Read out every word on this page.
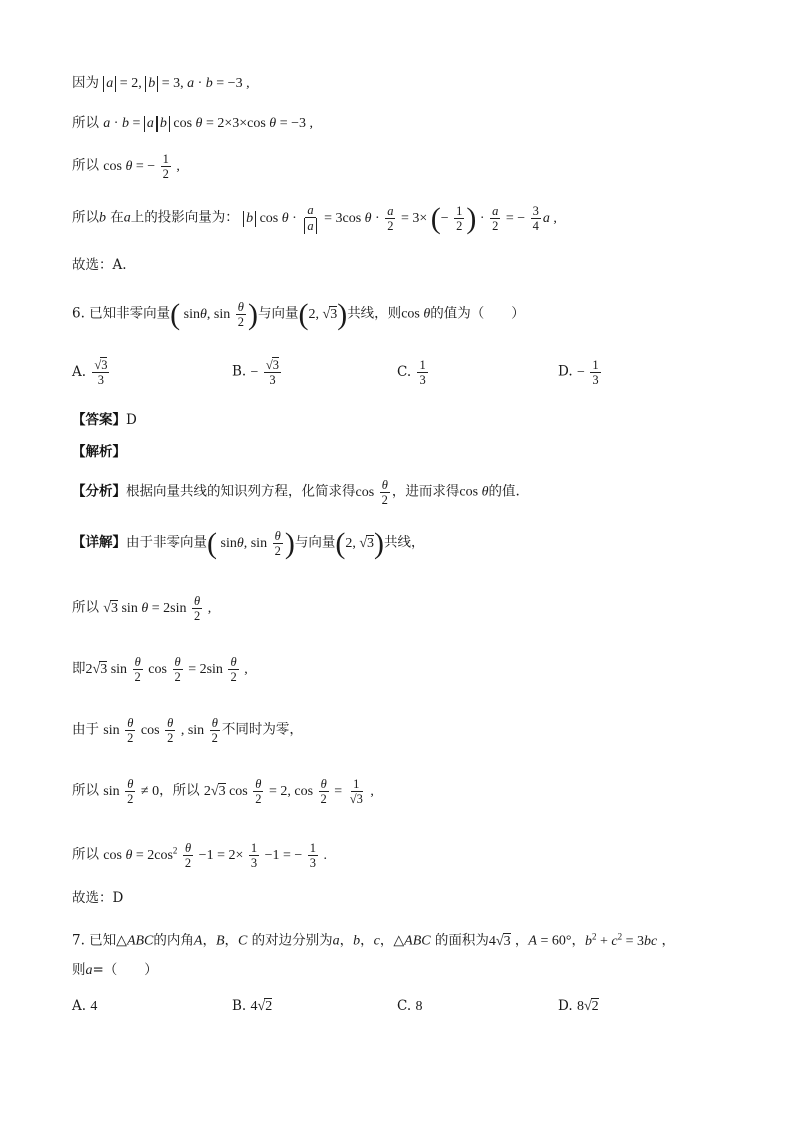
因为 a = 2, b = 3, a · b = −3 ,
所以 a · b = a b cos θ = 2×3×cos θ = −3 ,
所以 cos θ = − $\frac{1}{2}$ ,
所以b 在a上的投影向量为： b $\cos \theta \cdot \frac{a}{a} = 3\cos$ $\theta \cdot \frac{a}{2} = 3\times$ (− $\frac{1}{2}$ ) · $\frac{a}{2}$ = − $\frac{3}{4}$ a ,
故选：A.
6. 已知非零向量( sinθ, $\sin \frac{\theta}{2}$ )与向量(2, √3)共线，则cos θ的值为（　　）
A. $\frac{√3}{3}$	B. − $\frac{√3}{3}$	C. $\frac{1}{3}$	D. − $\frac{1}{3}$
【答案】D
【解析】
【分析】根据向量共线的知识列方程，化简求得$\cos \frac{\theta}{2}$ ，进而求得cos θ的值.
【详解】由于非零向量( sinθ, $\sin \frac{\theta}{2}$ )与向量(2, √3)共线，
所以 √3 $\sin \theta = 2\sin \frac{\theta}{2}$ ,
即2√3 $\sin \frac{\theta}{2}$ $\cos \frac{\theta}{2} = 2\sin \frac{\theta}{2}$ ,
由于 $\sin \frac{\theta}{2}$ $\cos \frac{\theta}{2}$ , $\sin \frac{\theta}{2}$ 不同时为零，
所以 $\sin \frac{\theta}{2} \ne 0$，所以 2√3 $\cos \frac{\theta}{2} = 2$, $\cos \frac{\theta}{2} = \frac{1}{√3}$ ,
所以 $\cos \theta = 2\cos^2 \frac{\theta}{2} -1 = 2\times \frac{1}{3} -1$ = − $\frac{1}{3}$ .
故选：D
7. 已知△ABC的内角A，B，C 的对边分别为a，b，c，△ABC 的面积为4√3 ，A = 60°，$b^2 + c^2 = 3bc$ ，
则a=（　　）
A. 4	B. 4√2	C. 8	D. 8√2
